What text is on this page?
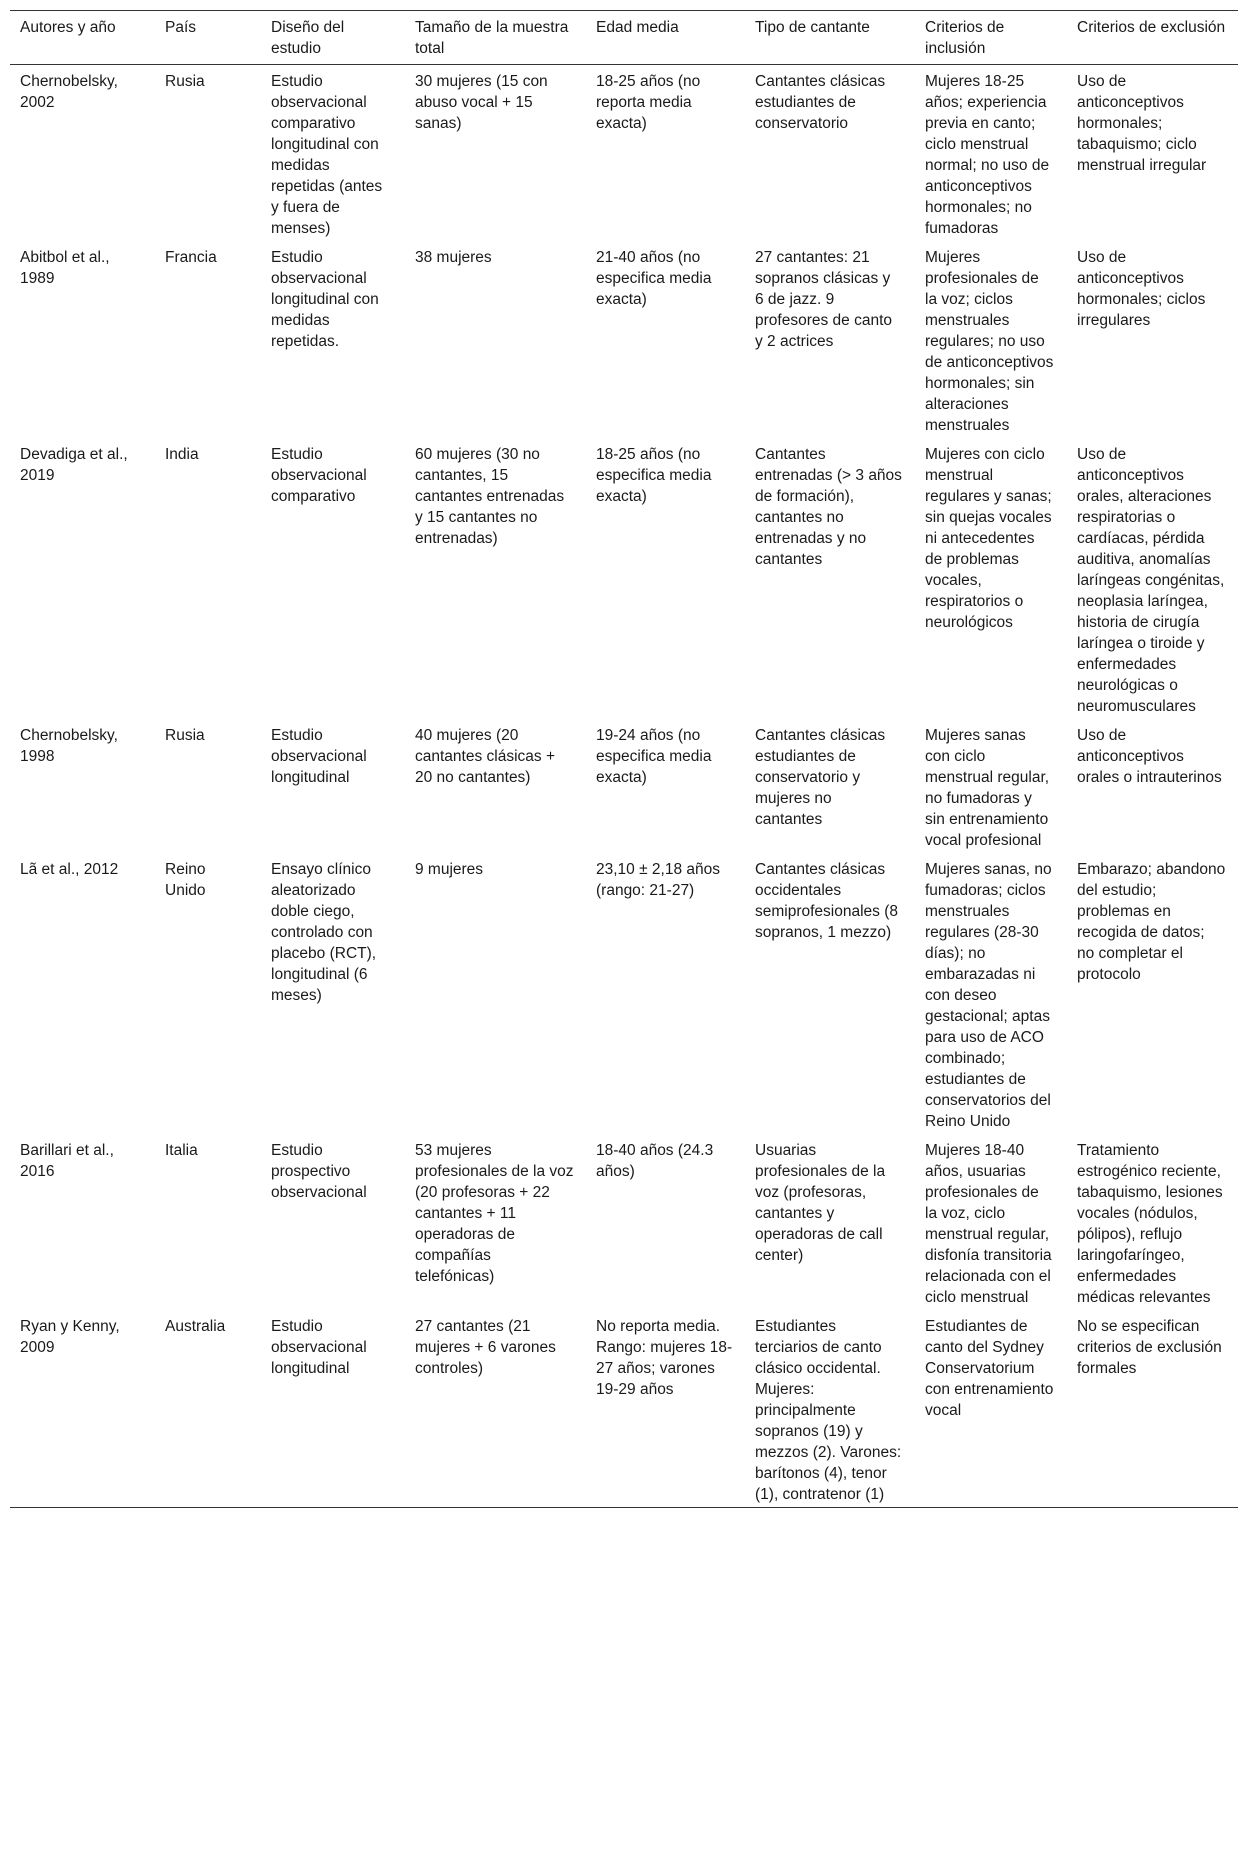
Autores y año	País	Diseño del estudio	Tamaño de la muestra total	Edad media	Tipo de cantante	Criterios de inclusión	Criterios de exclusión
Chernobelsky, 2002	Rusia	Estudio observacional comparativo longitudinal con medidas repetidas (antes y fuera de menses)	30 mujeres (15 con abuso vocal + 15 sanas)	18-25 años (no reporta media exacta)	Cantantes clásicas estudiantes de conservatorio	Mujeres 18-25 años; experiencia previa en canto; ciclo menstrual normal; no uso de anticonceptivos hormonales; no fumadoras	Uso de anticonceptivos hormonales; tabaquismo; ciclo menstrual irregular
Abitbol et al., 1989	Francia	Estudio observacional longitudinal con medidas repetidas.	38 mujeres	21-40 años (no especifica media exacta)	27 cantantes: 21 sopranos clásicas y 6 de jazz. 9 profesores de canto y 2 actrices	Mujeres profesionales de la voz; ciclos menstruales regulares; no uso de anticonceptivos hormonales; sin alteraciones menstruales	Uso de anticonceptivos hormonales; ciclos irregulares
Devadiga et al., 2019	India	Estudio observacional comparativo	60 mujeres (30 no cantantes, 15 cantantes entrenadas y 15 cantantes no entrenadas)	18-25 años (no especifica media exacta)	Cantantes entrenadas (> 3 años de formación), cantantes no entrenadas y no cantantes	Mujeres con ciclo menstrual regulares y sanas; sin quejas vocales ni antecedentes de problemas vocales, respiratorios o neurológicos	Uso de anticonceptivos orales, alteraciones respiratorias o cardíacas, pérdida auditiva, anomalías laríngeas congénitas, neoplasia laríngea, historia de cirugía laríngea o tiroide y enfermedades neurológicas o neuromusculares
Chernobelsky, 1998	Rusia	Estudio observacional longitudinal	40 mujeres (20 cantantes clásicas + 20 no cantantes)	19-24 años (no especifica media exacta)	Cantantes clásicas estudiantes de conservatorio y mujeres no cantantes	Mujeres sanas con ciclo menstrual regular, no fumadoras y sin entrenamiento vocal profesional	Uso de anticonceptivos orales o intrauterinos
Lã et al., 2012	Reino Unido	Ensayo clínico aleatorizado doble ciego, controlado con placebo (RCT), longitudinal (6 meses)	9 mujeres	23,10 ± 2,18 años (rango: 21-27)	Cantantes clásicas occidentales semiprofesionales (8 sopranos, 1 mezzo)	Mujeres sanas, no fumadoras; ciclos menstruales regulares (28-30 días); no embarazadas ni con deseo gestacional; aptas para uso de ACO combinado; estudiantes de conservatorios del Reino Unido	Embarazo; abandono del estudio; problemas en recogida de datos; no completar el protocolo
Barillari et al., 2016	Italia	Estudio prospectivo observacional	53 mujeres profesionales de la voz (20 profesoras + 22 cantantes + 11 operadoras de compañías telefónicas)	18-40 años (24.3 años)	Usuarias profesionales de la voz (profesoras, cantantes y operadoras de call center)	Mujeres 18-40 años, usuarias profesionales de la voz, ciclo menstrual regular, disfonía transitoria relacionada con el ciclo menstrual	Tratamiento estrogénico reciente, tabaquismo, lesiones vocales (nódulos, pólipos), reflujo laringofaríngeo, enfermedades médicas relevantes
Ryan y Kenny, 2009	Australia	Estudio observacional longitudinal	27 cantantes (21 mujeres + 6 varones controles)	No reporta media. Rango: mujeres 18-27 años; varones 19-29 años	Estudiantes terciarios de canto clásico occidental. Mujeres: principalmente sopranos (19) y mezzos (2). Varones: barítonos (4), tenor (1), contratenor (1)	Estudiantes de canto del Sydney Conservatorium con entrenamiento vocal	No se especifican criterios de exclusión formales
